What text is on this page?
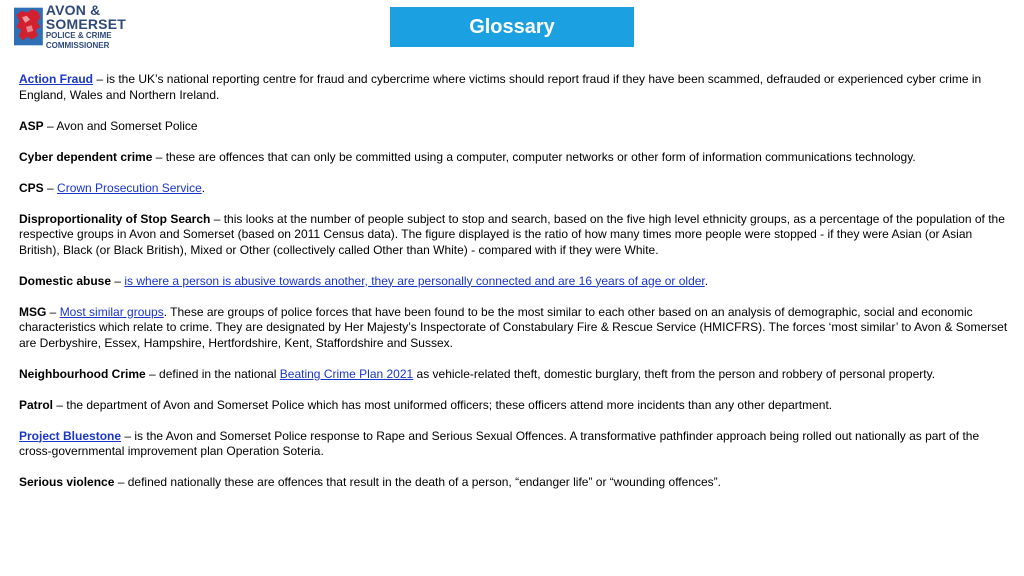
AVON &
SOMERSET
POLICE & CRIME
COMMISSIONER
Glossary

Action Fraud – is the UK’s national reporting centre for fraud and cybercrime where victims should report fraud if they have been scammed, defrauded or experienced cyber crime in England, Wales and Northern Ireland.

ASP – Avon and Somerset Police

Cyber dependent crime – these are offences that can only be committed using a computer, computer networks or other form of information communications technology.

CPS – Crown Prosecution Service.

Disproportionality of Stop Search – this looks at the number of people subject to stop and search, based on the five high level ethnicity groups, as a percentage of the population of the respective groups in Avon and Somerset (based on 2011 Census data). The figure displayed is the ratio of how many times more people were stopped - if they were Asian (or Asian British), Black (or Black British), Mixed or Other (collectively called Other than White) - compared with if they were White.

Domestic abuse – is where a person is abusive towards another, they are personally connected and are 16 years of age or older.

MSG – Most similar groups. These are groups of police forces that have been found to be the most similar to each other based on an analysis of demographic, social and economic characteristics which relate to crime. They are designated by Her Majesty’s Inspectorate of Constabulary Fire & Rescue Service (HMICFRS). The forces ‘most similar’ to Avon & Somerset are Derbyshire, Essex, Hampshire, Hertfordshire, Kent, Staffordshire and Sussex.

Neighbourhood Crime – defined in the national Beating Crime Plan 2021 as vehicle-related theft, domestic burglary, theft from the person and robbery of personal property.

Patrol – the department of Avon and Somerset Police which has most uniformed officers; these officers attend more incidents than any other department.

Project Bluestone – is the Avon and Somerset Police response to Rape and Serious Sexual Offences. A transformative pathfinder approach being rolled out nationally as part of the cross-governmental improvement plan Operation Soteria.

Serious violence – defined nationally these are offences that result in the death of a person, “endanger life” or “wounding offences”.
